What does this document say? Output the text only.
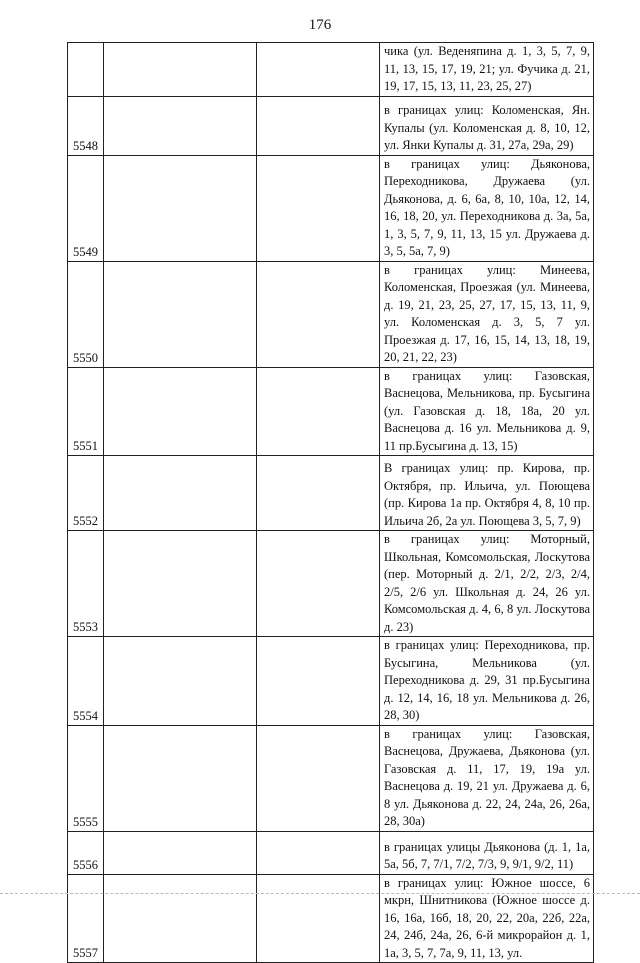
176
			чика (ул. Веденяпина д. 1, 3, 5, 7, 9, 11, 13, 15, 17, 19, 21; ул. Фучика д. 21, 19, 17, 15, 13, 11, 23, 25, 27)
5548			в границах улиц: Коломенская, Ян. Купалы (ул. Коломенская д. 8, 10, 12, ул. Янки Купалы д. 31, 27а, 29а, 29)
5549			в границах улиц: Дьяконова, Переходникова, Дружаева (ул. Дьяконова, д. 6, 6а, 8, 10, 10а, 12, 14, 16, 18, 20, ул. Переходникова д. 3а, 5а, 1, 3, 5, 7, 9, 11, 13, 15 ул. Дружаева д. 3, 5, 5а, 7, 9)
5550			в границах улиц: Минеева, Коломенская, Проезжая (ул. Минеева, д. 19, 21, 23, 25, 27, 17, 15, 13, 11, 9, ул. Коломенская д. 3, 5, 7 ул. Проезжая д. 17, 16, 15, 14, 13, 18, 19, 20, 21, 22, 23)
5551			в границах улиц: Газовская, Васнецова, Мельникова, пр. Бусыгина (ул. Газовская д. 18, 18а, 20 ул. Васнецова д. 16 ул. Мельникова д. 9, 11 пр.Бусыгина д. 13, 15)
5552			В границах улиц: пр. Кирова, пр. Октября, пр. Ильича, ул. Поющева (пр. Кирова 1а пр. Октября 4, 8, 10 пр. Ильича 2б, 2а ул. Поющева 3, 5, 7, 9)
5553			в границах улиц: Моторный, Школьная, Комсомольская, Лоскутова (пер. Моторный д. 2/1, 2/2, 2/3, 2/4, 2/5, 2/6 ул. Школьная д. 24, 26 ул. Комсомольская д. 4, 6, 8 ул. Лоскутова д. 23)
5554			в границах улиц: Переходникова, пр. Бусыгина, Мельникова (ул. Переходникова д. 29, 31 пр.Бусыгина д. 12, 14, 16, 18 ул. Мельникова д. 26, 28, 30)
5555			в границах улиц: Газовская, Васнецова, Дружаева, Дьяконова (ул. Газовская д. 11, 17, 19, 19а ул. Васнецова д. 19, 21 ул. Дружаева д. 6, 8 ул. Дьяконова д. 22, 24, 24а, 26, 26а, 28, 30а)
5556			в границах улицы Дьяконова (д. 1, 1а, 5а, 5б, 7, 7/1, 7/2, 7/3, 9, 9/1, 9/2, 11)
5557			в границах улиц: Южное шоссе, 6 мкрн, Шнитникова (Южное шоссе д. 16, 16а, 16б, 18, 20, 22, 20а, 22б, 22а, 24, 24б, 24а, 26, 6-й микрорайон д. 1, 1а, 3, 5, 7, 7а, 9, 11, 13, ул.
